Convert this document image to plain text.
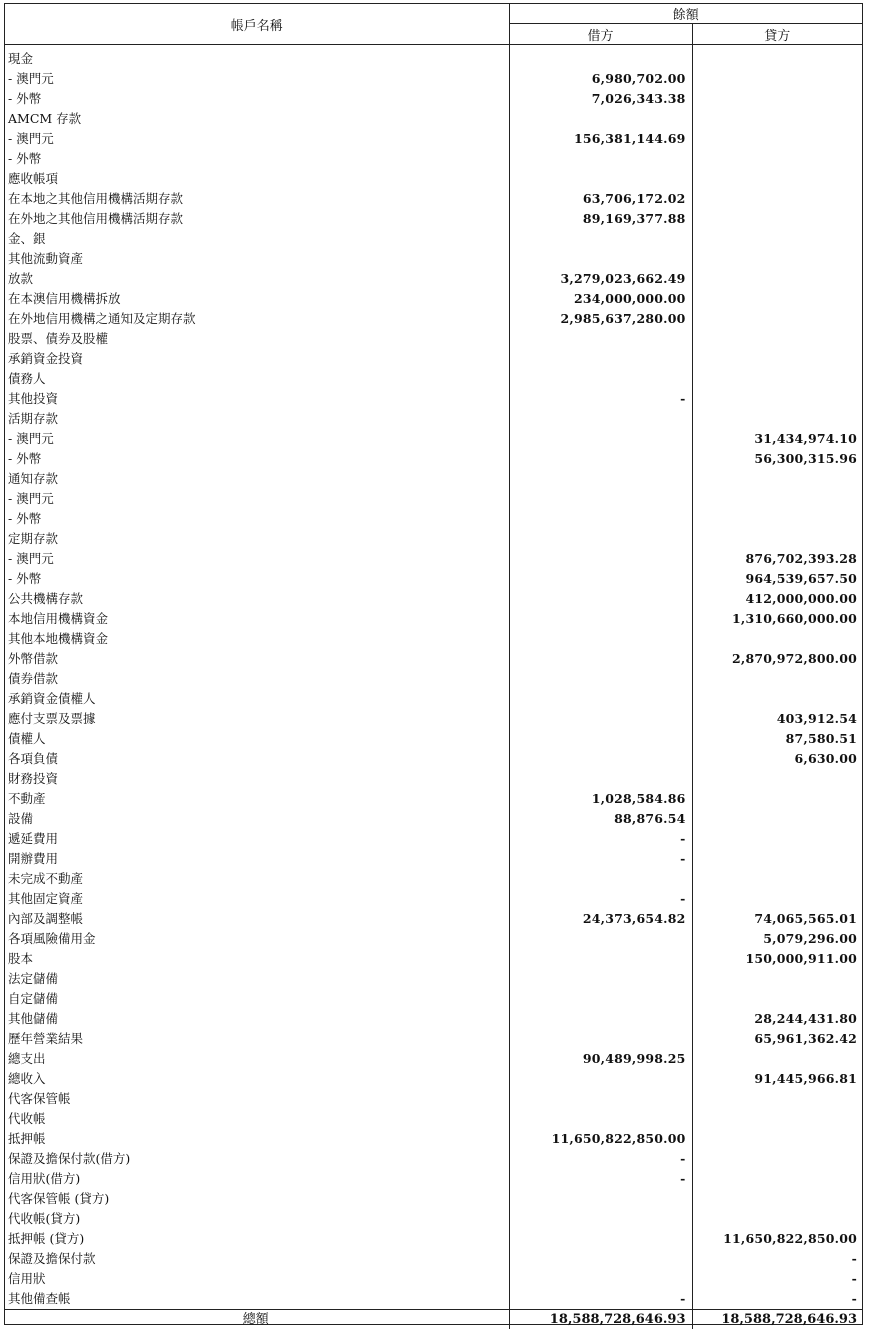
帳戶名稱	餘額	
	借方	貸方
現金		
- 澳門元	6,980,702.00	
- 外幣	7,026,343.38	
AMCM 存款		
- 澳門元	156,381,144.69	
- 外幣		
應收帳項		
在本地之其他信用機構活期存款	63,706,172.02	
在外地之其他信用機構活期存款	89,169,377.88	
金、銀		
其他流動資產		
放款	3,279,023,662.49	
在本澳信用機構拆放	234,000,000.00	
在外地信用機構之通知及定期存款	2,985,637,280.00	
股票、債券及股權		
承銷資金投資		
債務人		
其他投資	-	
活期存款		
- 澳門元		31,434,974.10
- 外幣		56,300,315.96
通知存款		
- 澳門元		
- 外幣		
定期存款		
- 澳門元		876,702,393.28
- 外幣		964,539,657.50
公共機構存款		412,000,000.00
本地信用機構資金		1,310,660,000.00
其他本地機構資金		
外幣借款		2,870,972,800.00
債券借款		
承銷資金債權人		
應付支票及票據		403,912.54
債權人		87,580.51
各項負債		6,630.00
財務投資		
不動產	1,028,584.86	
設備	88,876.54	
遞延費用	-	
開辦費用	-	
未完成不動產		
其他固定資產	-	
內部及調整帳	24,373,654.82	74,065,565.01
各項風險備用金		5,079,296.00
股本		150,000,911.00
法定儲備		
自定儲備		
其他儲備		28,244,431.80
歷年營業結果		65,961,362.42
總支出	90,489,998.25	
總收入		91,445,966.81
代客保管帳		
代收帳		
抵押帳	11,650,822,850.00	
保證及擔保付款(借方)	-	
信用狀(借方)	-	
代客保管帳 (貸方)		
代收帳(貸方)		
抵押帳 (貸方)		11,650,822,850.00
保證及擔保付款		-
信用狀		-
其他備查帳	-	-
總額	18,588,728,646.93	18,588,728,646.93
